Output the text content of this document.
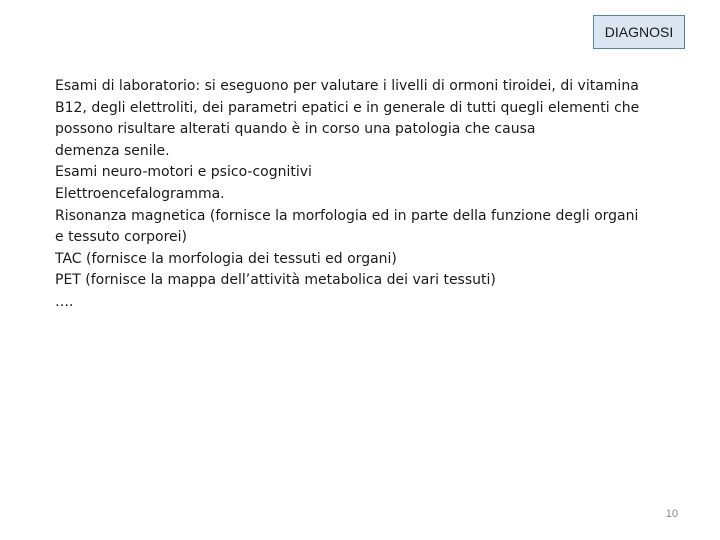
DIAGNOSI
Esami di laboratorio: si eseguono per valutare i livelli di ormoni tiroidei, di vitamina
B12, degli elettroliti, dei parametri epatici e in generale di tutti quegli elementi che
possono risultare alterati quando è in corso una patologia che causa
demenza senile.
Esami neuro-motori e psico-cognitivi
Elettroencefalogramma.
Risonanza magnetica (fornisce la morfologia ed in parte della funzione degli organi
e tessuto corporei)
TAC (fornisce la morfologia dei tessuti ed organi)
PET (fornisce la mappa dell’attività metabolica dei vari tessuti)
….
10
